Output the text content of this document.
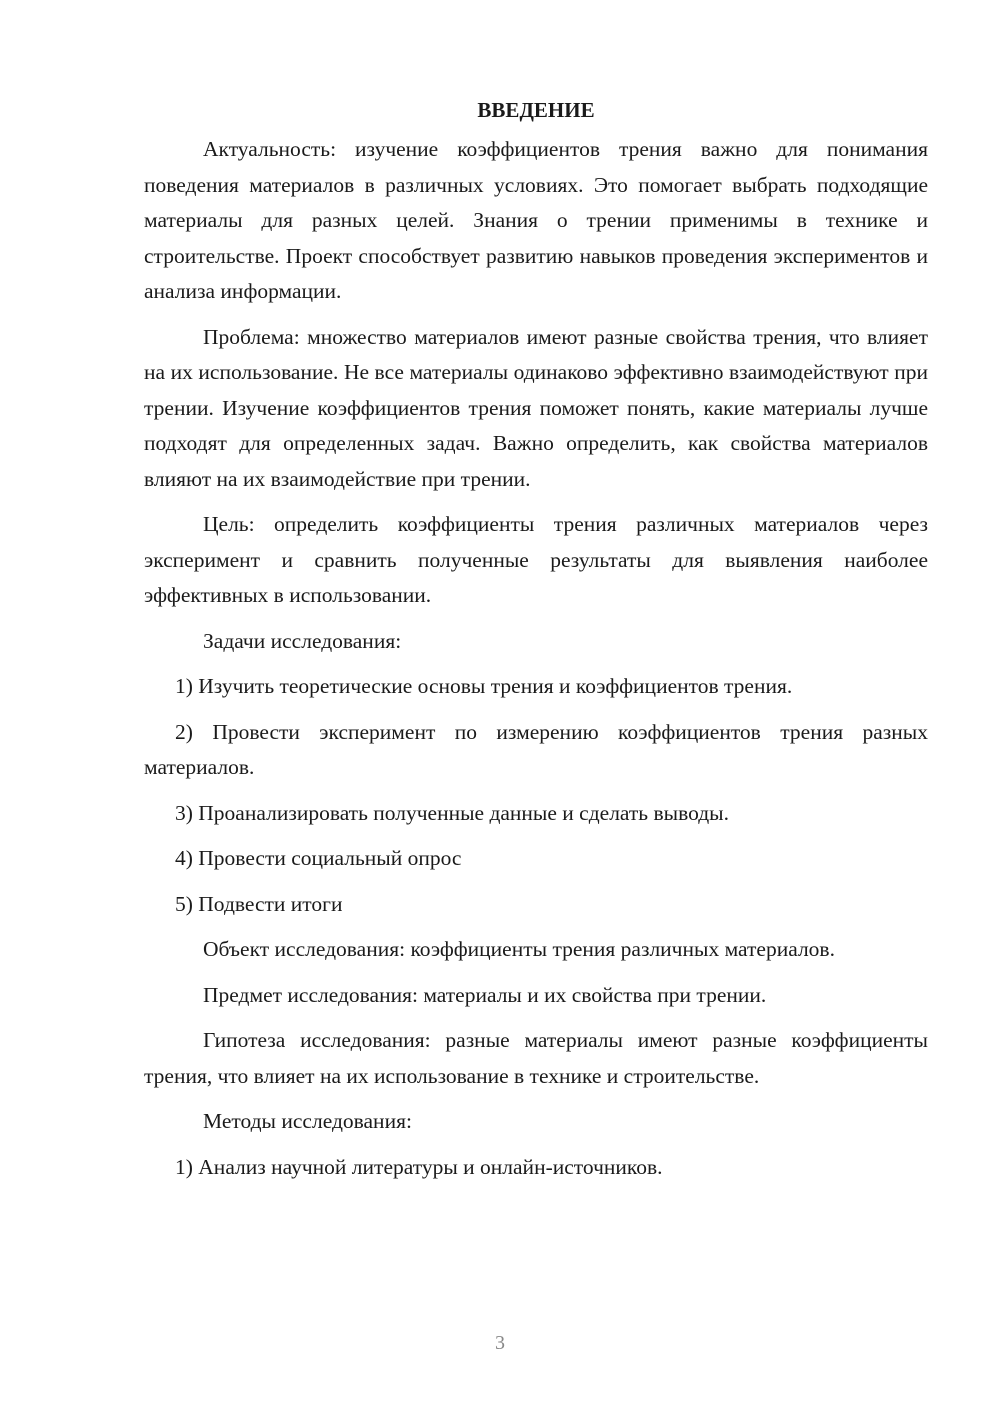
ВВЕДЕНИЕ

Актуальность: изучение коэффициентов трения важно для понимания поведения материалов в различных условиях. Это помогает выбрать подходящие материалы для разных целей. Знания о трении применимы в технике и строительстве. Проект способствует развитию навыков проведения экспериментов и анализа информации.

Проблема: множество материалов имеют разные свойства трения, что влияет на их использование. Не все материалы одинаково эффективно взаимодействуют при трении. Изучение коэффициентов трения поможет понять, какие материалы лучше подходят для определенных задач. Важно определить, как свойства материалов влияют на их взаимодействие при трении.

Цель: определить коэффициенты трения различных материалов через эксперимент и сравнить полученные результаты для выявления наиболее эффективных в использовании.

Задачи исследования:

1) Изучить теоретические основы трения и коэффициентов трения.

2) Провести эксперимент по измерению коэффициентов трения разных материалов.

3) Проанализировать полученные данные и сделать выводы.

4) Провести социальный опрос

5) Подвести итоги

Объект исследования: коэффициенты трения различных материалов.

Предмет исследования: материалы и их свойства при трении.

Гипотеза исследования: разные материалы имеют разные коэффициенты трения, что влияет на их использование в технике и строительстве.

Методы исследования:

1) Анализ научной литературы и онлайн-источников.

3
